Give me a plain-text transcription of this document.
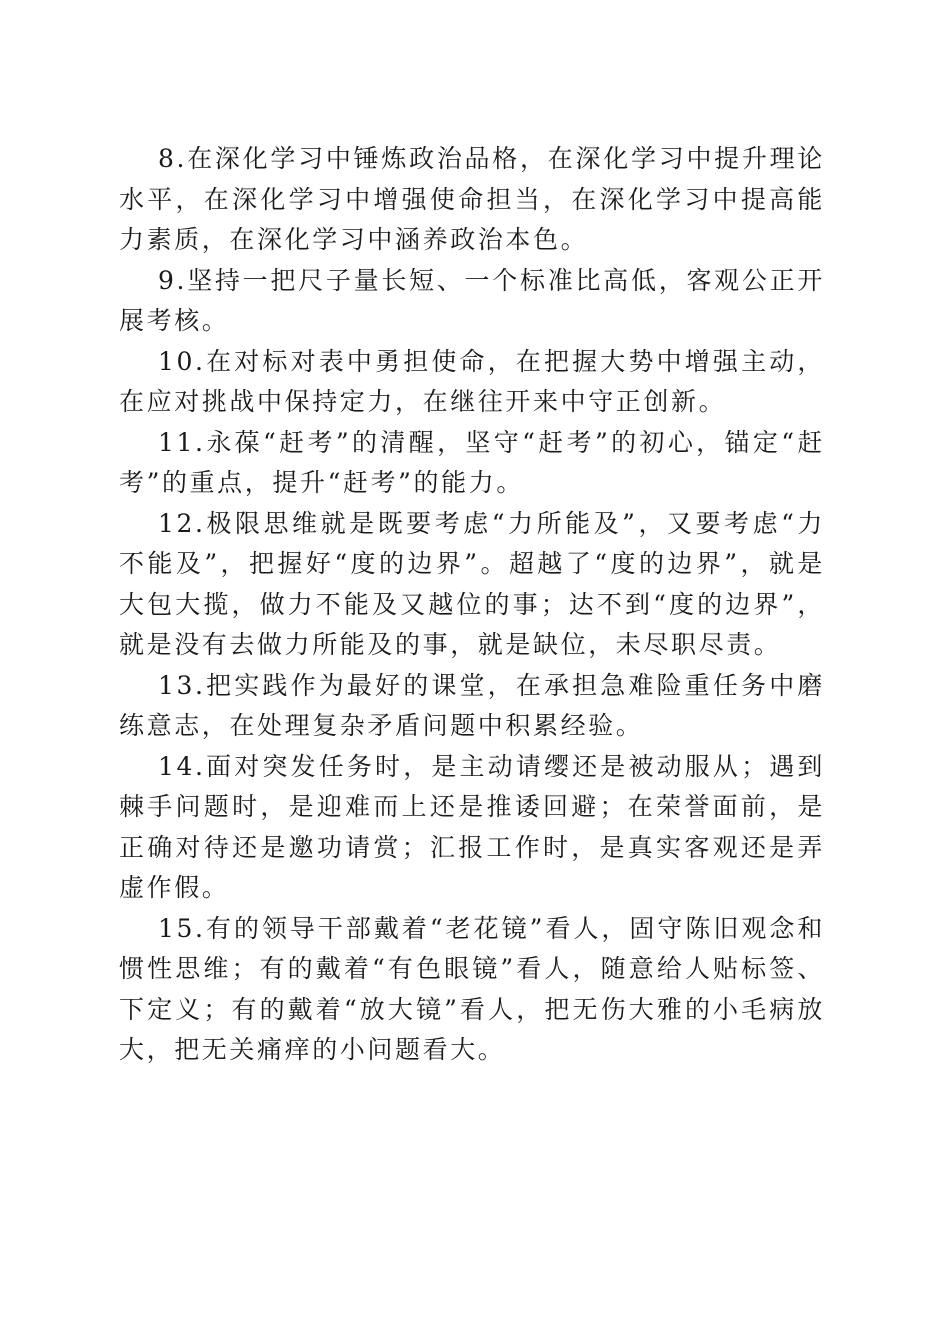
8.在深化学习中锤炼政治品格，在深化学习中提升理论水平，在深化学习中增强使命担当，在深化学习中提高能力素质，在深化学习中涵养政治本色。

9.坚持一把尺子量长短、一个标准比高低，客观公正开展考核。

10.在对标对表中勇担使命，在把握大势中增强主动，在应对挑战中保持定力，在继往开来中守正创新。

11.永葆“赶考”的清醒，坚守“赶考”的初心，锚定“赶考”的重点，提升“赶考”的能力。

12.极限思维就是既要考虑“力所能及”，又要考虑“力不能及”，把握好“度的边界”。超越了“度的边界”，就是大包大揽，做力不能及又越位的事；达不到“度的边界”，就是没有去做力所能及的事，就是缺位，未尽职尽责。

13.把实践作为最好的课堂，在承担急难险重任务中磨练意志，在处理复杂矛盾问题中积累经验。

14.面对突发任务时，是主动请缨还是被动服从；遇到棘手问题时，是迎难而上还是推诿回避；在荣誉面前，是正确对待还是邀功请赏；汇报工作时，是真实客观还是弄虚作假。

15.有的领导干部戴着“老花镜”看人，固守陈旧观念和惯性思维；有的戴着“有色眼镜”看人，随意给人贴标签、下定义；有的戴着“放大镜”看人，把无伤大雅的小毛病放大，把无关痛痒的小问题看大。
